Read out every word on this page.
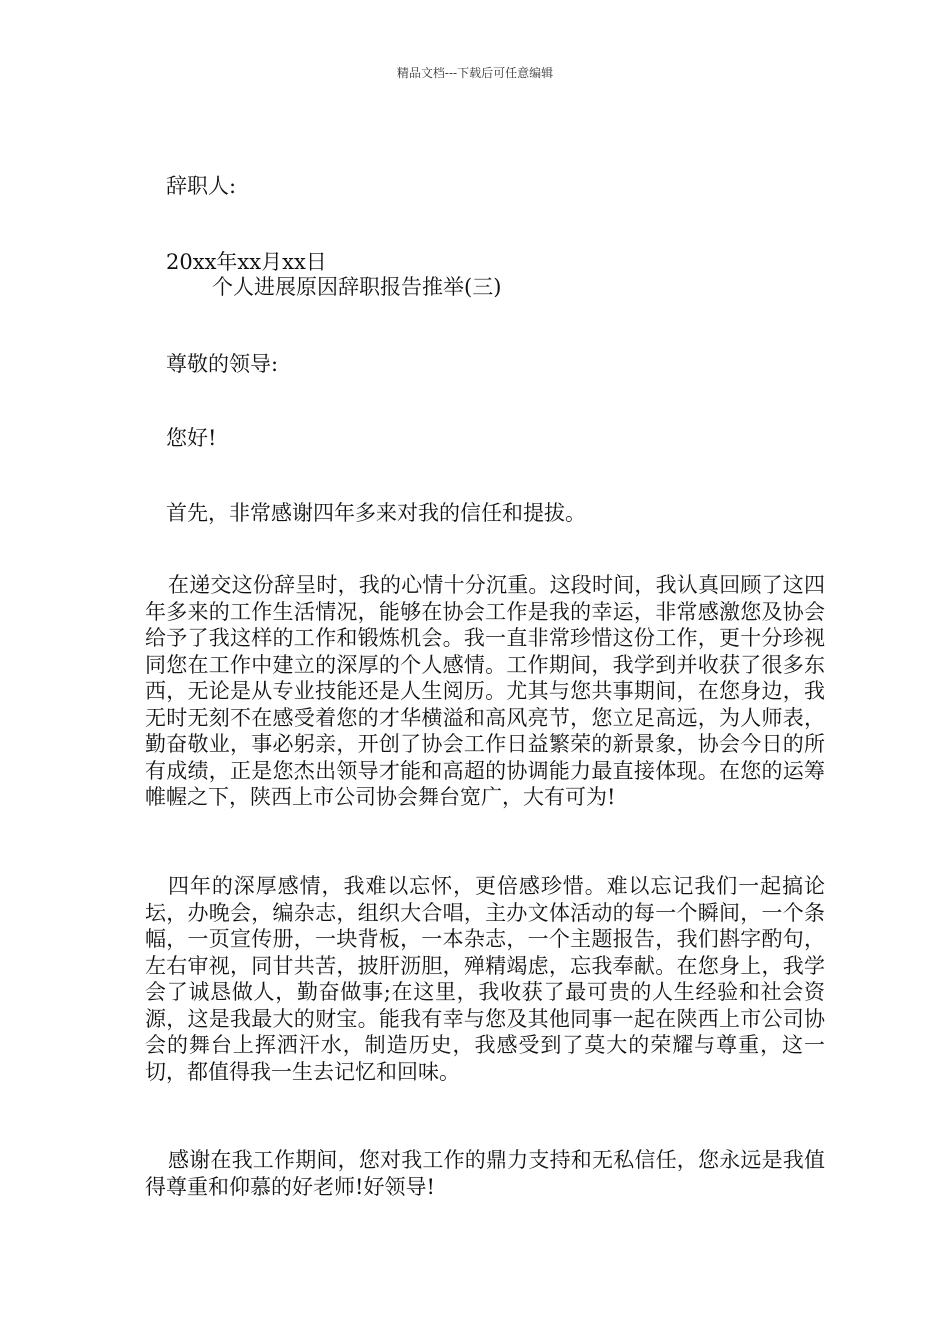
精品文档---下载后可任意编辑
辞职人:
20xx年xx月xx日
个人进展原因辞职报告推举(三)
尊敬的领导:
您好!
首先，非常感谢四年多来对我的信任和提拔。
在递交这份辞呈时，我的心情十分沉重。这段时间，我认真回顾了这四年多来的工作生活情况，能够在协会工作是我的幸运，非常感激您及协会给予了我这样的工作和锻炼机会。我一直非常珍惜这份工作，更十分珍视同您在工作中建立的深厚的个人感情。工作期间，我学到并收获了很多东西，无论是从专业技能还是人生阅历。尤其与您共事期间，在您身边，我无时无刻不在感受着您的才华横溢和高风亮节，您立足高远，为人师表，勤奋敬业，事必躬亲，开创了协会工作日益繁荣的新景象，协会今日的所有成绩，正是您杰出领导才能和高超的协调能力最直接体现。在您的运筹帷幄之下，陕西上市公司协会舞台宽广，大有可为!
四年的深厚感情，我难以忘怀，更倍感珍惜。难以忘记我们一起搞论坛，办晚会，编杂志，组织大合唱，主办文体活动的每一个瞬间，一个条幅，一页宣传册，一块背板，一本杂志，一个主题报告，我们斟字酌句，左右审视，同甘共苦，披肝沥胆，殚精竭虑，忘我奉献。在您身上，我学会了诚恳做人，勤奋做事;在这里，我收获了最可贵的人生经验和社会资源，这是我最大的财宝。能我有幸与您及其他同事一起在陕西上市公司协会的舞台上挥洒汗水，制造历史，我感受到了莫大的荣耀与尊重，这一切，都值得我一生去记忆和回味。
感谢在我工作期间，您对我工作的鼎力支持和无私信任，您永远是我值得尊重和仰慕的好老师!好领导!
